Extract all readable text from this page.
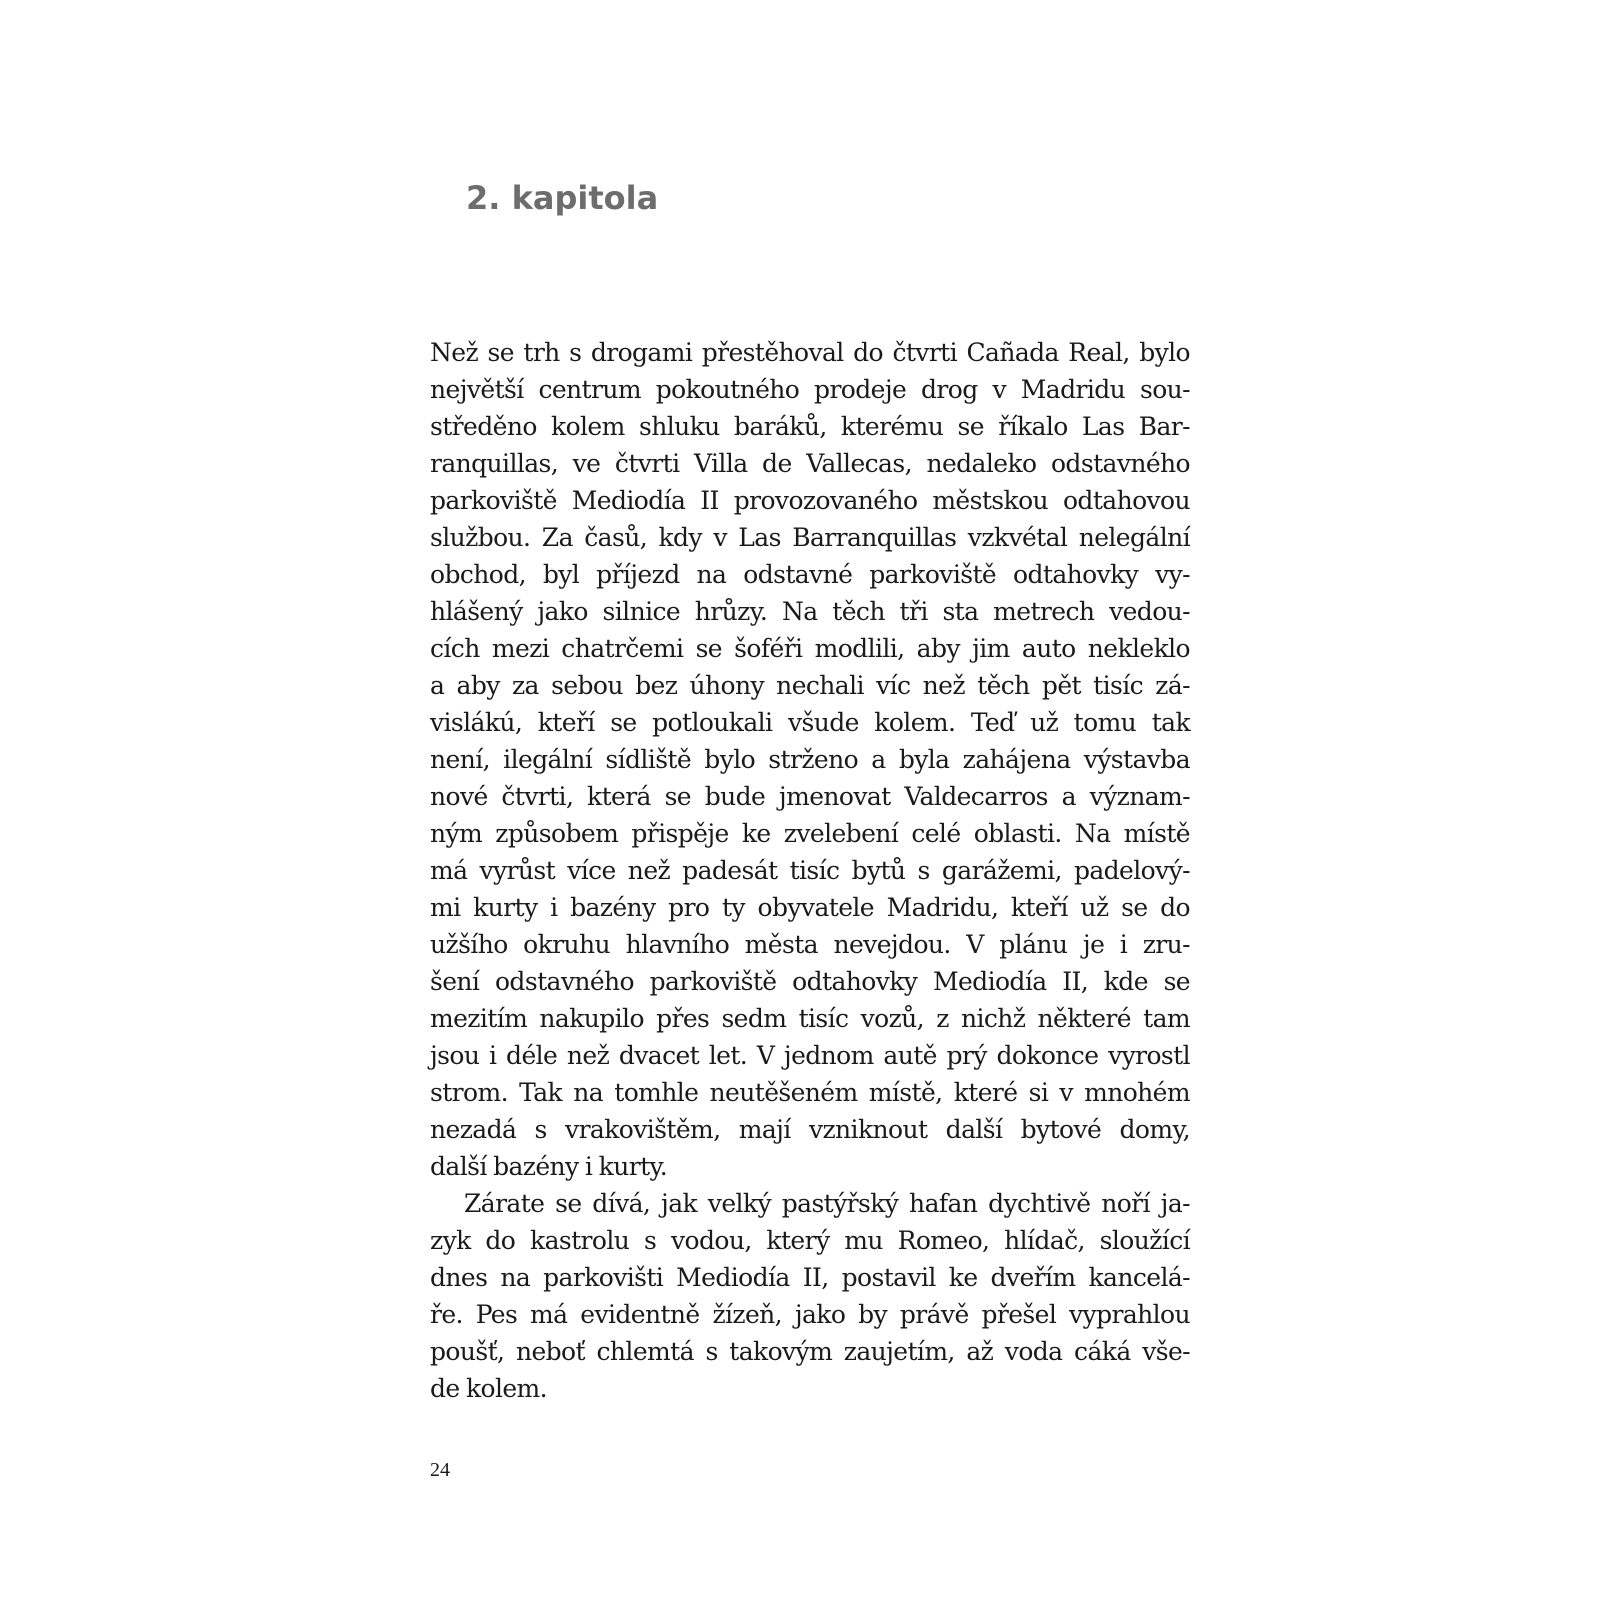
2. kapitola
Než se trh s drogami přestěhoval do čtvrti Cañada Real, bylo
největší centrum pokoutného prodeje drog v Madridu sou-
středěno kolem shluku baráků, kterému se říkalo Las Bar-
ranquillas, ve čtvrti Villa de Vallecas, nedaleko odstavného
parkoviště Mediodía II provozovaného městskou odtahovou
službou. Za časů, kdy v Las Barranquillas vzkvétal nelegální
obchod, byl příjezd na odstavné parkoviště odtahovky vy-
hlášený jako silnice hrůzy. Na těch tři sta metrech vedou-
cích mezi chatrčemi se šoféři modlili, aby jim auto nekleklo
a aby za sebou bez úhony nechali víc než těch pět tisíc zá-
vislákú, kteří se potloukali všude kolem. Teď už tomu tak
není, ilegální sídliště bylo strženo a byla zahájena výstavba
nové čtvrti, která se bude jmenovat Valdecarros a význam-
ným způsobem přispěje ke zvelebení celé oblasti. Na místě
má vyrůst více než padesát tisíc bytů s garážemi, padelový-
mi kurty i bazény pro ty obyvatele Madridu, kteří už se do
užšího okruhu hlavního města nevejdou. V plánu je i zru-
šení odstavného parkoviště odtahovky Mediodía II, kde se
mezitím nakupilo přes sedm tisíc vozů, z nichž některé tam
jsou i déle než dvacet let. V jednom autě prý dokonce vyrostl
strom. Tak na tomhle neutěšeném místě, které si v mnohém
nezadá s vrakovištěm, mají vzniknout další bytové domy,
další bazény i kurty.
Zárate se dívá, jak velký pastýřský hafan dychtivě noří ja-
zyk do kastrolu s vodou, který mu Romeo, hlídač, sloužící
dnes na parkovišti Mediodía II, postavil ke dveřím kancelá-
ře. Pes má evidentně žízeň, jako by právě přešel vyprahlou
poušť, neboť chlemtá s takovým zaujetím, až voda cáká vše-
de kolem.
24
